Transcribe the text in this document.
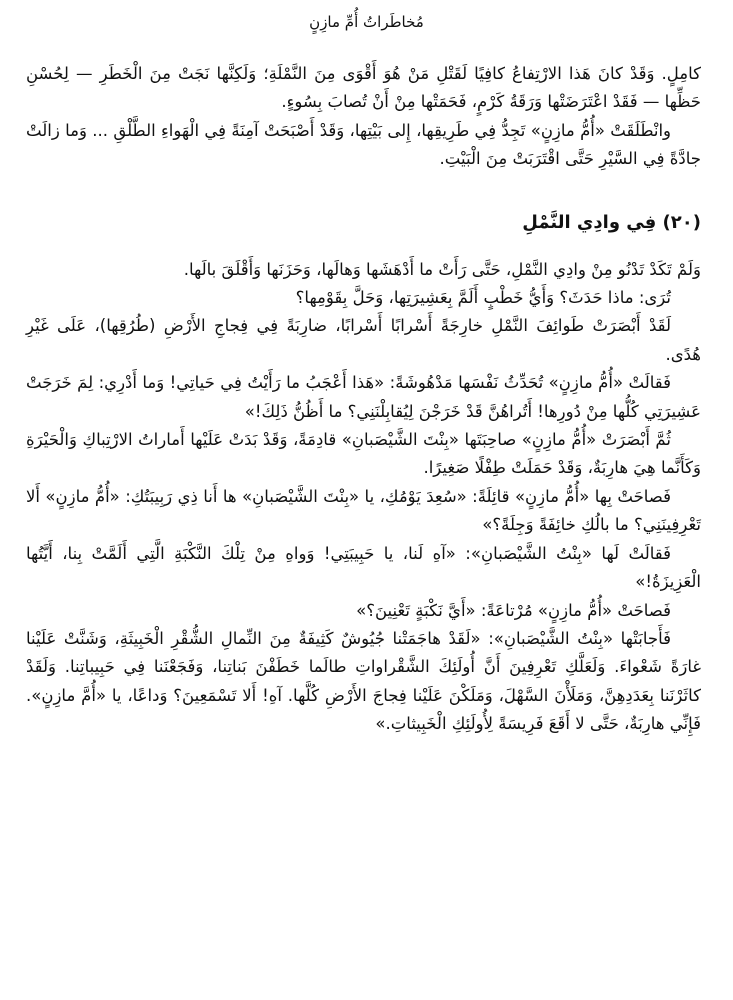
مُخاطَراتُ أُمِّ مازِنٍ

كامِلٍ. وَقَدْ كانَ هَذا الارْتِفاعُ كافِيًا لَقَتْلِ مَنْ هُوَ أَقْوَى مِنَ النَّمْلَةِ؛ وَلَكِنَّها نَجَتْ مِنَ الْخَطَرِ — لِحُسْنِ حَظِّها — فَقَدْ اعْتَرَضَتْها وَرَقَةُ كَرْمٍ، فَحَمَتْها مِنْ أَنْ تُصابَ بِسُوءٍ.

وانْطَلَقَتْ «أُمُّ مازِنٍ» تَجِدُّ فِي طَرِيقِها، إِلى بَيْتِها، وَقَدْ أَصْبَحَتْ آمِنَةً فِي الْهَواءِ الطَّلْقِ ... وَما زالَتْ جادَّةً فِي السَّيْرِ حَتَّى اقْتَرَبَتْ مِنَ الْبَيْتِ.

(٢٠) فِي وادِي النَّمْلِ

وَلَمْ تَكَدْ تَدْنُو مِنْ وادِي النَّمْلِ، حَتَّى رَأَتْ ما أَدْهَشَها وَهالَها، وَحَزَنَها وَأَقْلَقَ بالَها.

تُرَى: ماذا حَدَثَ؟ وَأَيُّ خَطْبٍ أَلَمَّ بِعَشِيرَتِها، وَحَلَّ بِقَوْمِها؟

لَقَدْ أَبْصَرَتْ طَوائِفَ النَّمْلِ خارِجَةً أَسْرابًا أَسْرابًا، ضارِبَةً فِي فِجاجِ الأَرْضِ (طُرُقِها)، عَلَى غَيْرِ هُدًى.

فَقالَتْ «أُمُّ مازِنٍ» تُحَدِّثُ نَفْسَها مَدْهُوشَةً: «هَذا أَعْجَبُ ما رَأَيْتُ فِي حَياتِي! وَما أَدْرِي: لِمَ خَرَجَتْ عَشِيرَتِي كُلُّها مِنْ دُورِها! أَتُراهُنَّ قَدْ خَرَجْنَ لِيُقابِلْنَنِي؟ ما أَظُنُّ ذَلِكَ!»

ثُمَّ أَبْصَرَتْ «أُمُّ مازِنٍ» صاحِبَتَها «بِنْتَ الشَّيْصَبانِ» قادِمَةً، وَقَدْ بَدَتْ عَلَيْها أَماراتُ الارْتِباكِ وَالْحَيْرَةِ وَكَأَنَّما هِيَ هارِبَةٌ، وَقَدْ حَمَلَتْ طِفْلًا صَغِيرًا.

فَصاحَتْ بِها «أُمُّ مازِنٍ» قائِلَةً: «سُعِدَ يَوْمُكِ، يا «بِنْتَ الشَّيْصَبانِ» ها أَنا ذِي رَبِيبَتُكِ: «أُمُّ مازِنٍ» أَلا تَعْرِفِينَنِي؟ ما بالُكِ خائِفَةً وَجِلَةً؟»

فَقالَتْ لَها «بِنْتُ الشَّيْصَبانِ»: «آهِ لَنا، يا حَبِيبَتِي! وَواهِ مِنْ تِلْكَ النَّكْبَةِ الَّتِي أَلَمَّتْ بِنا، أَيَّتُها الْعَزِيزَةُ!»

فَصاحَتْ «أُمُّ مازِنٍ» مُرْتاعَةً: «أَيَّ نَكْبَةٍ تَعْنِينَ؟»

فَأَجابَتْها «بِنْتُ الشَّيْصَبانِ»: «لَقَدْ هاجَمَتْنا جُيُوشٌ كَثِيفَةٌ مِنَ النِّمالِ الشُّقْرِ الْخَبِيثَةِ، وَشَنَّتْ عَلَيْنا غارَةً شَعْواءَ. وَلَعَلَّكِ تَعْرِفِينَ أَنَّ أُولَئِكَ الشَّقْراواتِ طالَما خَطَفْنَ بَناتِنا، وَفَجَعْنَنا فِي حَبِيباتِنا. وَلَقَدْ كاثَرْنَنا بِعَدَدِهِنَّ، وَمَلَأْنَ السَّهْلَ، وَمَلَكْنَ عَلَيْنا فِجاجَ الأَرْضِ كُلَّها. آهِ! أَلا تَسْمَعِينَ؟ وَداعًا، يا «أُمَّ مازِنٍ». فَإِنِّي هارِبَةٌ، حَتَّى لا أَقَعَ فَرِيسَةً لِأُولَئِكِ الْخَبِيثاتِ.»
